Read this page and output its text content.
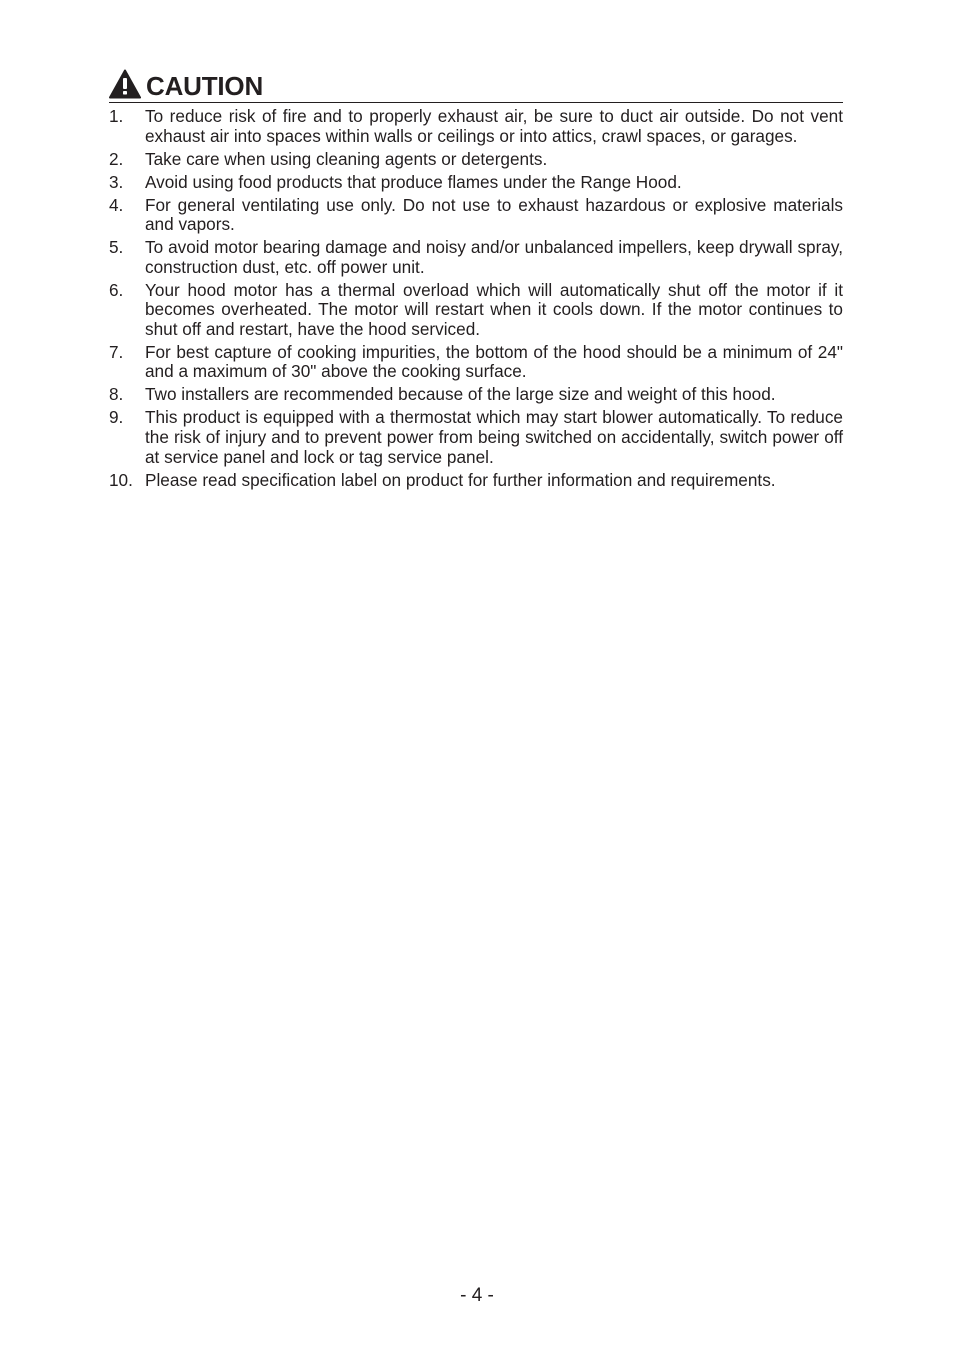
CAUTION
1.	To reduce risk of fire and to properly exhaust air, be sure to duct air outside. Do not vent exhaust air into spaces within walls or ceilings or into attics, crawl spaces, or garages.
2.	Take care when using cleaning agents or detergents.
3.	Avoid using food products that produce flames under the Range Hood.
4.	For general ventilating use only. Do not use to exhaust hazardous or explosive materials and vapors.
5.	To avoid motor bearing damage and noisy and/or unbalanced impellers, keep drywall spray, construction dust, etc. off power unit.
6.	Your hood motor has a thermal overload which will automatically shut off the motor if it becomes overheated. The motor will restart when it cools down. If the motor continues to shut off and restart, have the hood serviced.
7.	For best capture of cooking impurities, the bottom of the hood should be a minimum of 24" and a maximum of 30" above the cooking surface.
8.	Two installers are recommended because of the large size and weight of this hood.
9.	This product is equipped with a thermostat which may start blower automatically. To reduce the risk of injury and to prevent power from being switched on accidentally, switch power off at service panel and lock or tag service panel.
10. Please read specification label on product for further information and requirements.
- 4 -
